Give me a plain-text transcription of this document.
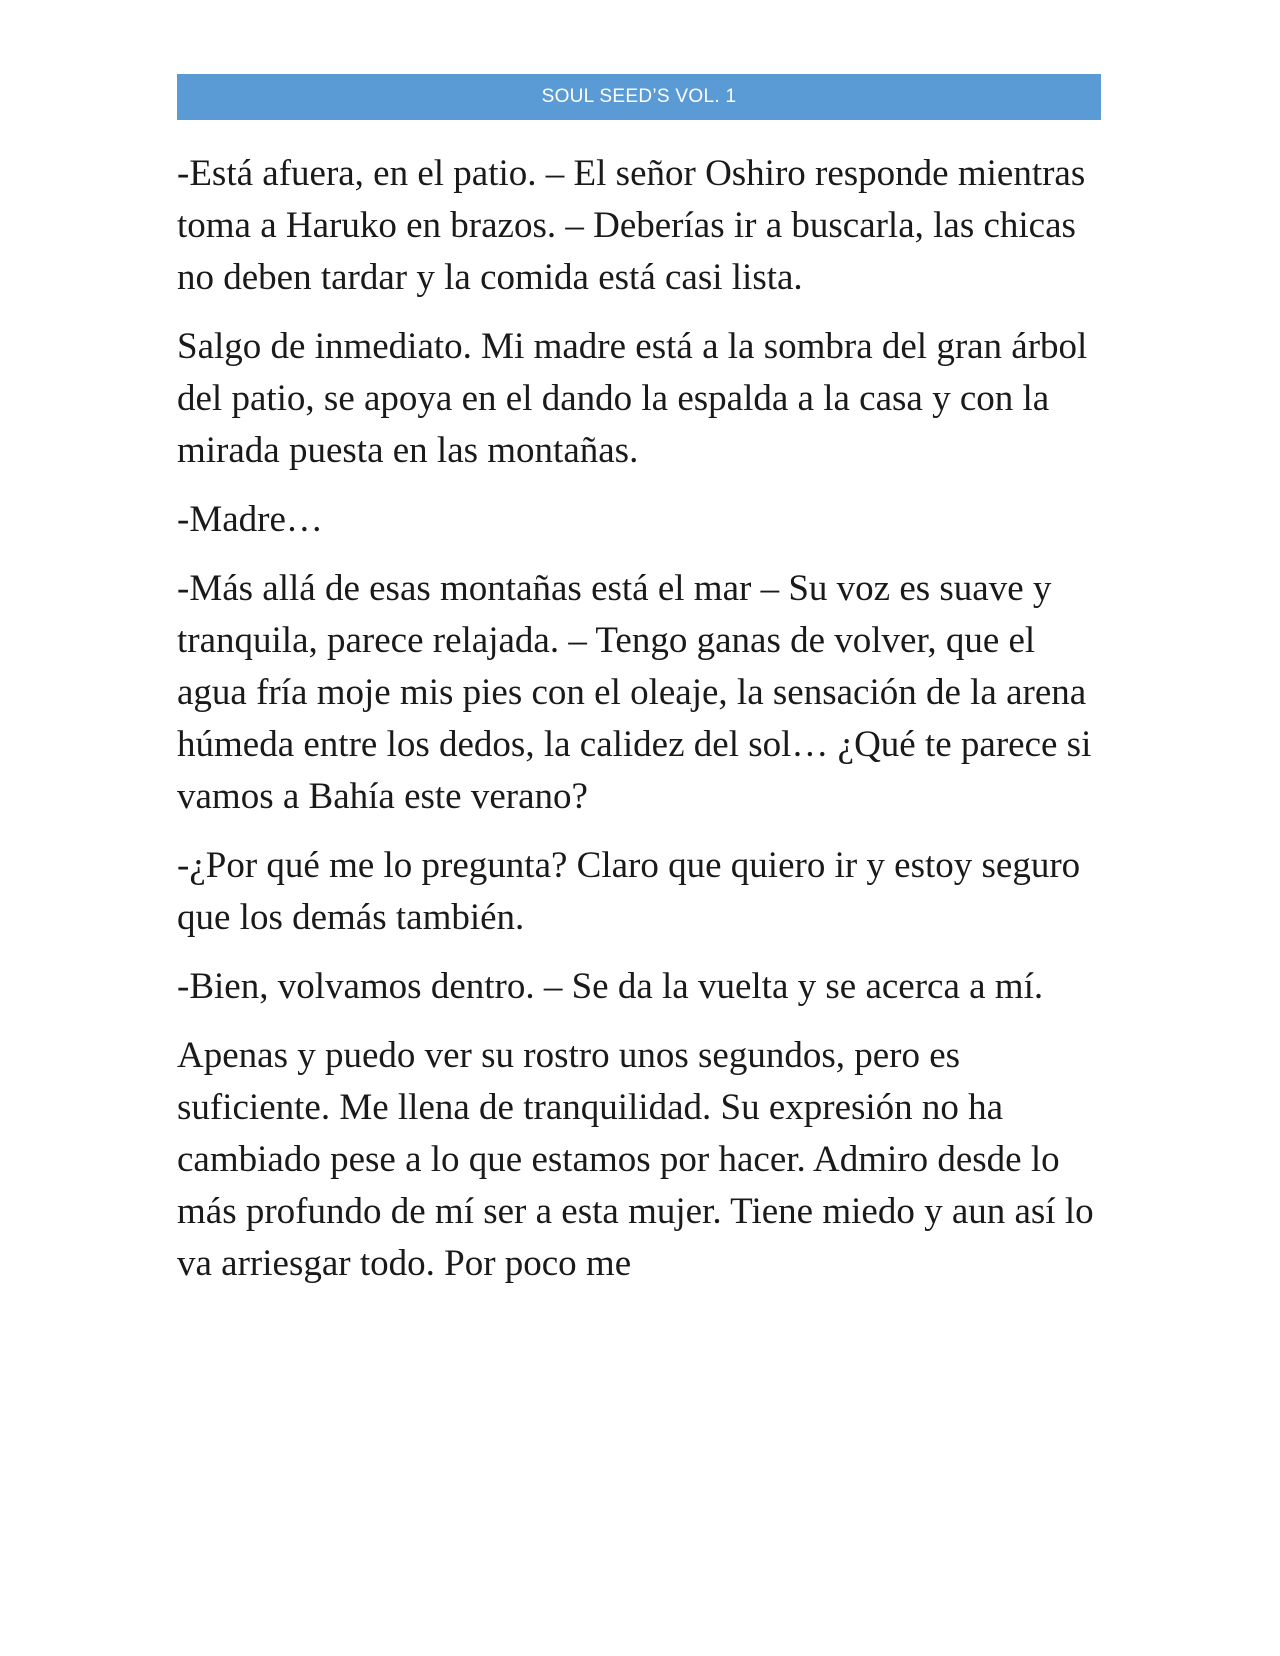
SOUL SEED’S VOL. 1

-Está afuera, en el patio. – El señor Oshiro responde mientras toma a Haruko en brazos. – Deberías ir a buscarla, las chicas no deben tardar y la comida está casi lista.

Salgo de inmediato. Mi madre está a la sombra del gran árbol del patio, se apoya en el dando la espalda a la casa y con la mirada puesta en las montañas.

-Madre…

-Más allá de esas montañas está el mar – Su voz es suave y tranquila, parece relajada. – Tengo ganas de volver, que el agua fría moje mis pies con el oleaje, la sensación de la arena húmeda entre los dedos, la calidez del sol… ¿Qué te parece si vamos a Bahía este verano?

-¿Por qué me lo pregunta? Claro que quiero ir y estoy seguro que los demás también.

-Bien, volvamos dentro. – Se da la vuelta y se acerca a mí.

Apenas y puedo ver su rostro unos segundos, pero es suficiente. Me llena de tranquilidad. Su expresión no ha cambiado pese a lo que estamos por hacer. Admiro desde lo más profundo de mí ser a esta mujer. Tiene miedo y aun así lo va arriesgar todo. Por poco me
